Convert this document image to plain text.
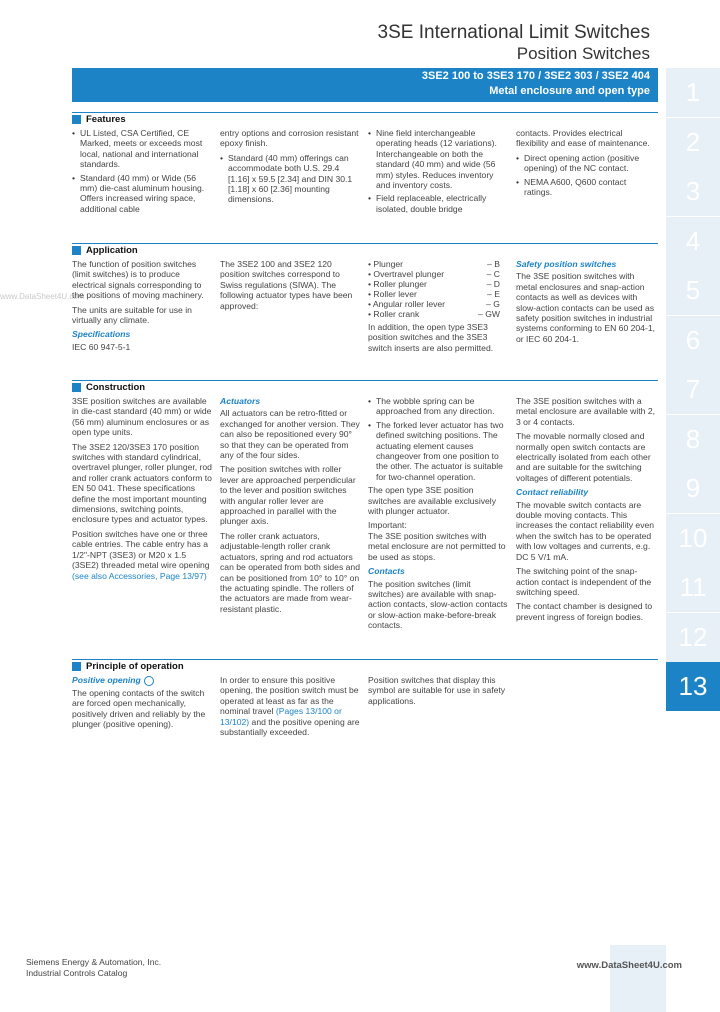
3SE International Limit Switches
Position Switches
3SE2 100 to 3SE3 170 / 3SE2 303 / 3SE2 404
Metal enclosure and open type	1
2
3
4
5
6
7
8
9
10
11
12
13
www.DataSheet4U.com
Features
• UL Listed, CSA Certified, CE Marked, meets or exceeds most local, national and international standards.
• Standard (40 mm) or Wide (56 mm) die-cast aluminum housing. Offers increased wiring space, additional cable

entry options and corrosion resistant epoxy finish.

• Standard (40 mm) offerings can accommodate both U.S. 29.4 [1.16] x 59.5 [2.34] and DIN 30.1 [1.18] x 60 [2.36] mounting dimensions.
• Nine field interchangeable operating heads (12 variations). Interchangeable on both the standard (40 mm) and wide (56 mm) styles. Reduces inventory and inventory costs.
• Field replaceable, electrically isolated, double bridge

contacts. Provides electrical flexibility and ease of maintenance.

• Direct opening action (positive opening) of the NC contact.
• NEMA A600, Q600 contact ratings.
Application

The function of position switches (limit switches) is to produce electrical signals corresponding to the positions of moving machinery.

The units are suitable for use in virtually any climate.

Specifications

IEC 60 947-5-1

The 3SE2 100 and 3SE2 120 position switches correspond to Swiss regulations (SIWA). The following actuator types have been approved:

• Plunger	– B
• Overtravel plunger	– C
• Roller plunger	– D
• Roller lever	– E
• Angular roller lever	– G
• Roller crank	– GW

In addition, the open type 3SE3 position switches and the 3SE3 switch inserts are also permitted.

Safety position switches

The 3SE position switches with metal enclosures and snap-action contacts as well as devices with slow-action contacts can be used as safety position switches in industrial systems conforming to EN 60 204-1, or IEC 60 204-1.

Construction

3SE position switches are available in die-cast standard (40 mm) or wide (56 mm) aluminum enclosures or as open type units.

The 3SE2 120/3SE3 170 position switches with standard cylindrical, overtravel plunger, roller plunger, rod and roller crank actuators conform to EN 50 041. These specifications define the most important mounting dimensions, switching points, enclosure types and actuator types.

Position switches have one or three cable entries. The cable entry has a 1/2"-NPT (3SE3) or M20 x 1.5 (3SE2) threaded metal wire opening (see also Accessories, Page 13/97)

Actuators

All actuators can be retro-fitted or exchanged for another version. They can also be repositioned every 90° so that they can be operated from any of the four sides.

The position switches with roller lever are approached perpendicular to the lever and position switches with angular roller lever are approached in parallel with the plunger axis.

The roller crank actuators, adjustable-length roller crank actuators, spring and rod actuators can be operated from both sides and can be positioned from 10° to 10° on the actuating spindle. The rollers of the actuators are made from wear-resistant plastic.

• The wobble spring can be approached from any direction.
• The forked lever actuator has two defined switching positions. The actuating element causes changeover from one position to the other. The actuator is suitable for two-channel operation.

The open type 3SE position switches are available exclusively with plunger actuator.

Important:

The 3SE position switches with metal enclosure are not permitted to be used as stops.

Contacts

The position switches (limit switches) are available with snap-action contacts, slow-action contacts or slow-action make-before-break contacts.

The 3SE position switches with a metal enclosure are available with 2, 3 or 4 contacts.

The movable normally closed and normally open switch contacts are electrically isolated from each other and are suitable for the switching voltages of different potentials.

Contact reliability

The movable switch contacts are double moving contacts. This increases the contact reliability even when the switch has to be operated with low voltages and currents, e.g. DC 5 V/1 mA.

The switching point of the snap-action contact is independent of the switching speed.

The contact chamber is designed to prevent ingress of foreign bodies.

Principle of operation
Positive opening

The opening contacts of the switch are forced open mechanically, positively driven and reliably by the plunger (positive opening).

In order to ensure this positive opening, the position switch must be operated at least as far as the nominal travel (Pages 13/100 or 13/102) and the positive opening are substantially exceeded.

Position switches that display this symbol are suitable for use in safety applications.

Siemens Energy & Automation, Inc.
Industrial Controls Catalog
www.DataSheet4U.com
